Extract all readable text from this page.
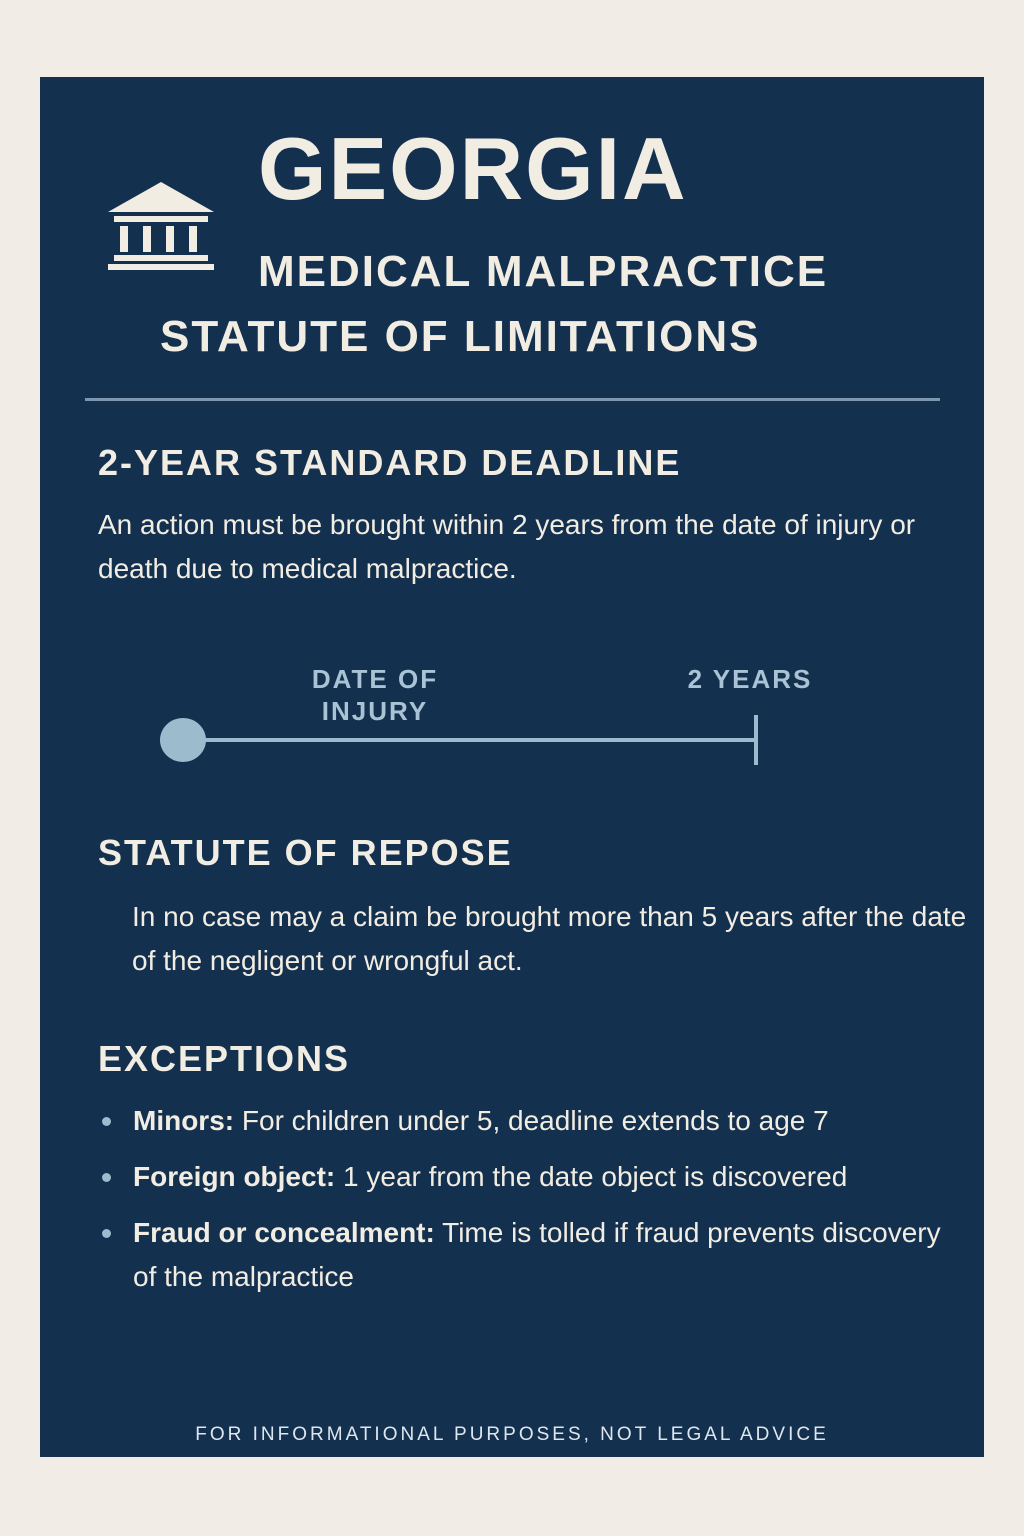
GEORGIA
MEDICAL MALPRACTICE
STATUTE OF LIMITATIONS
2-YEAR STANDARD DEADLINE
An action must be brought within 2 years from the date of injury or death due to medical malpractice.
DATE OF INJURY
2 YEARS
STATUTE OF REPOSE
In no case may a claim be brought more than 5 years after the date of the negligent or wrongful act.
EXCEPTIONS
Minors: For children under 5, deadline extends to age 7
Foreign object: 1 year from the date object is discovered
Fraud or concealment: Time is tolled if fraud prevents discovery of the malpractice
FOR INFORMATIONAL PURPOSES, NOT LEGAL ADVICE
